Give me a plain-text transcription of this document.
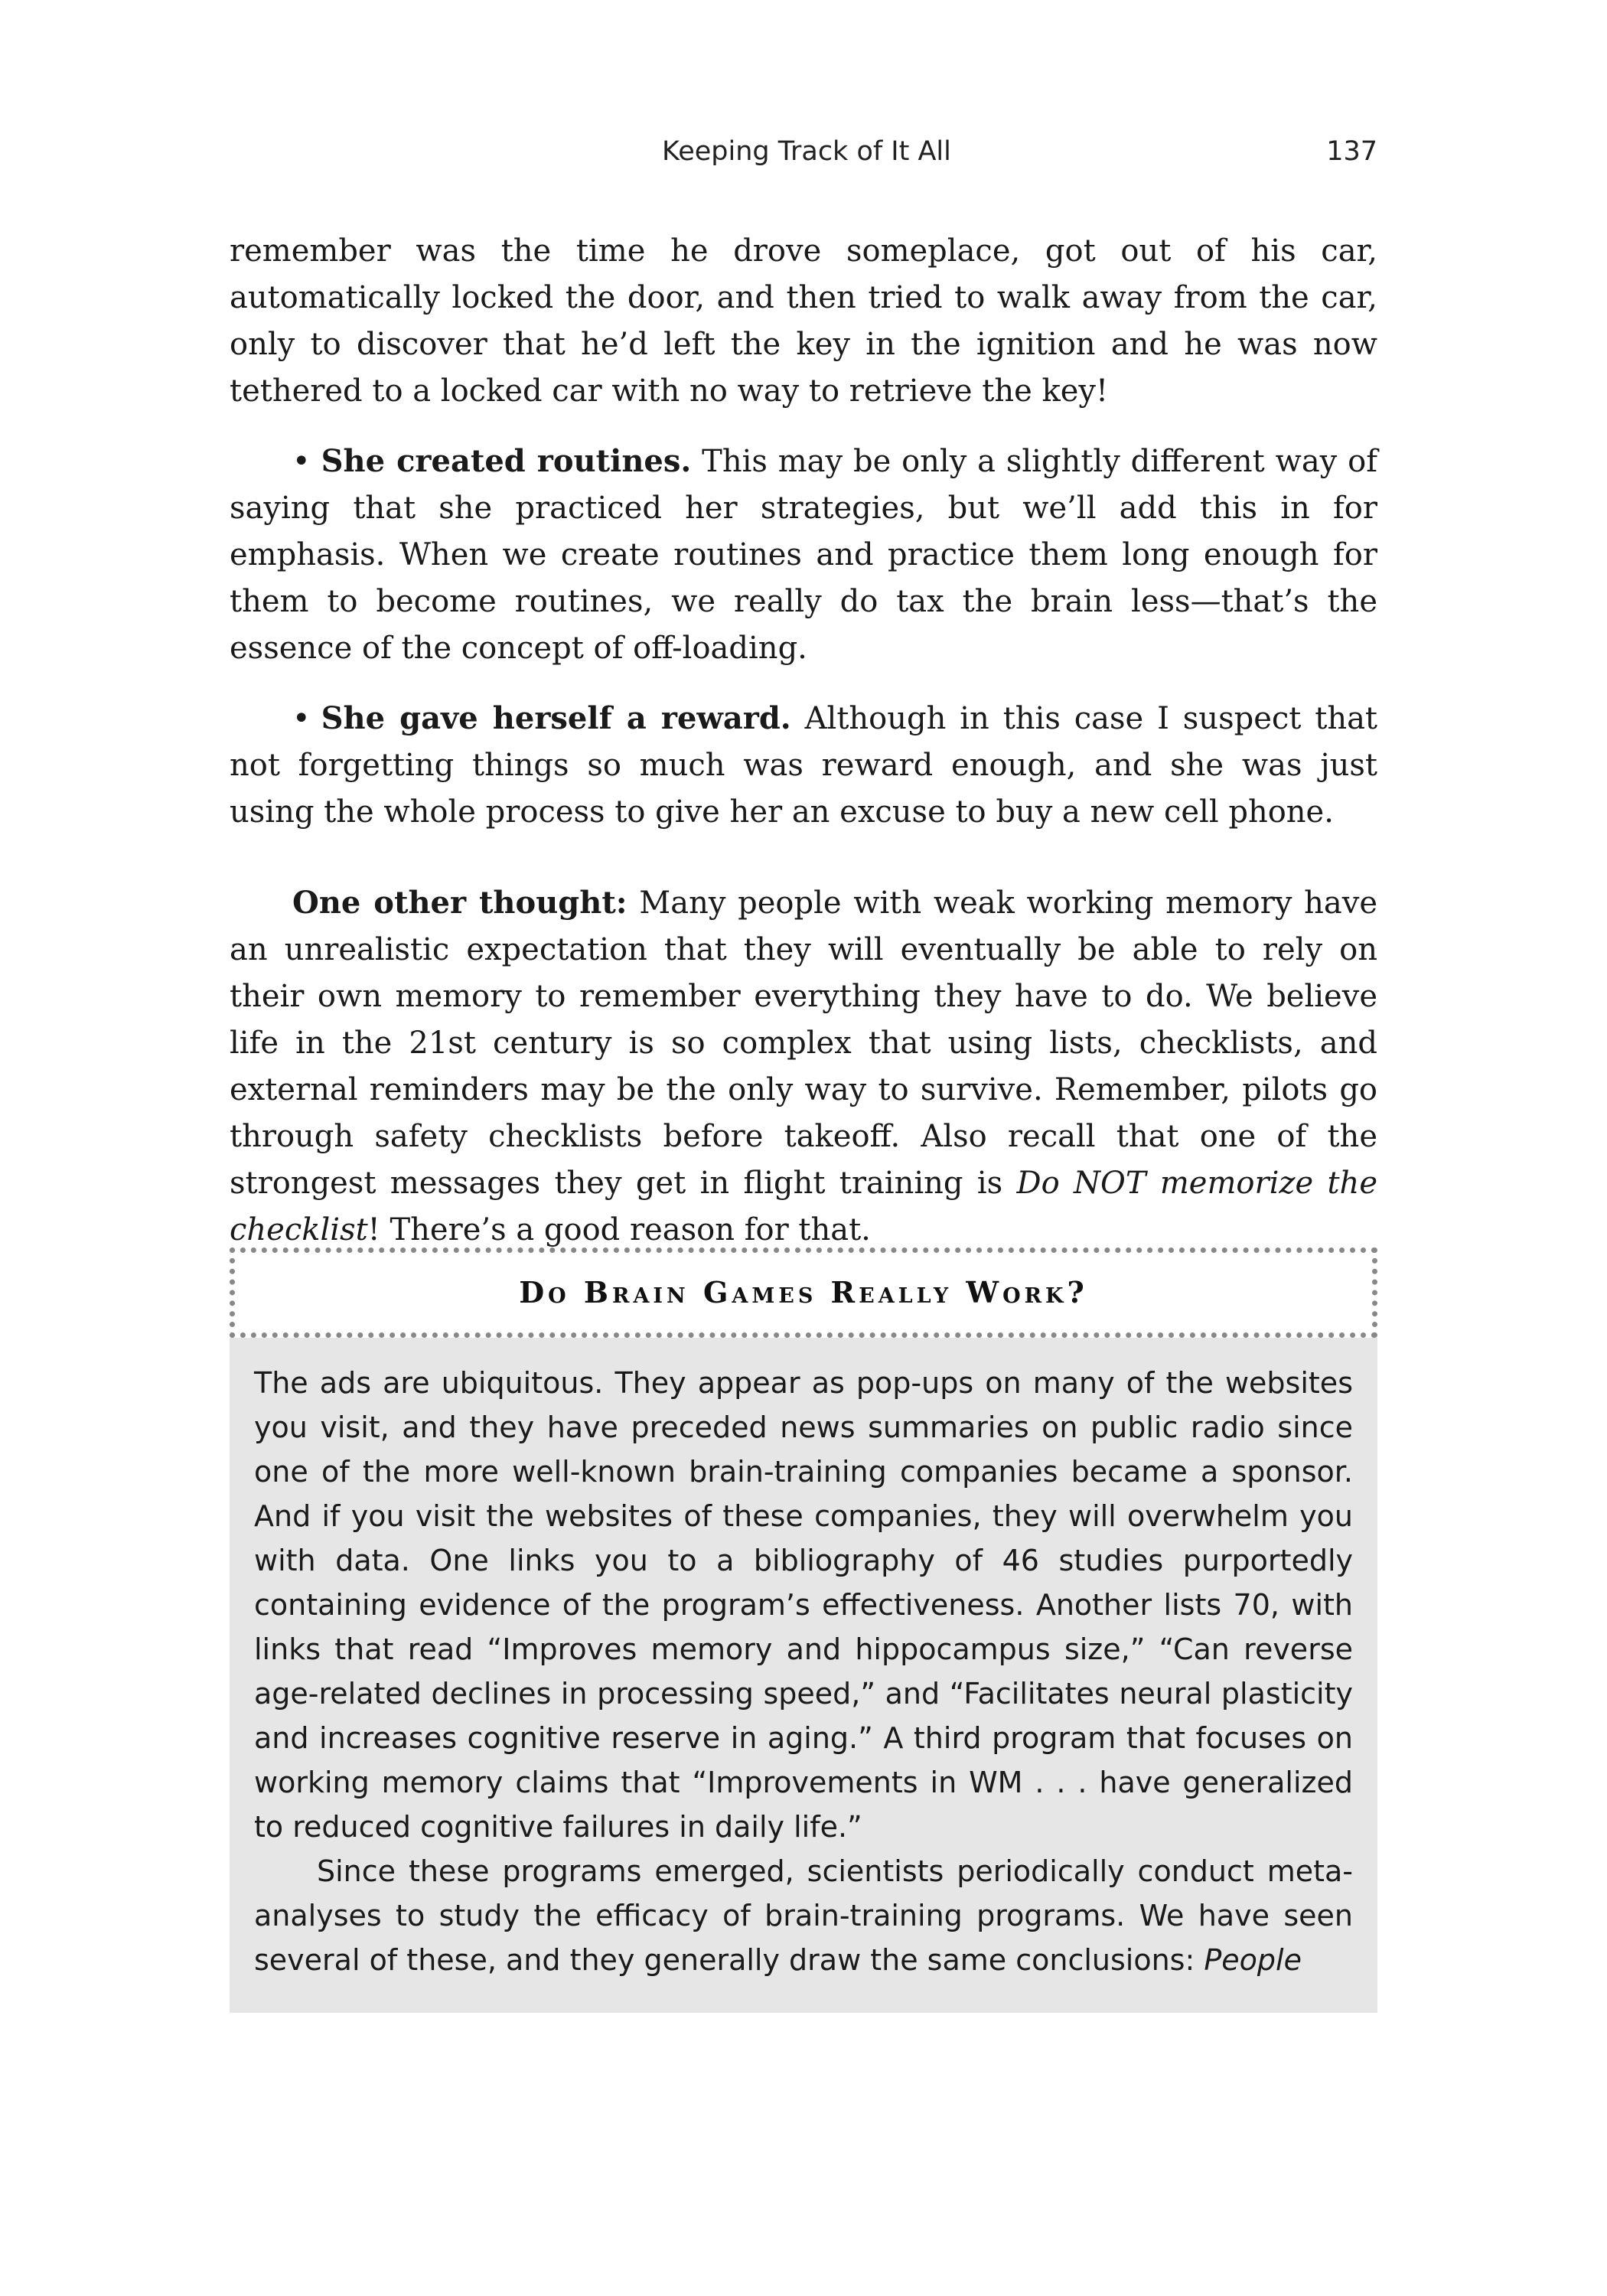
Keeping Track of It All	137

remember was the time he drove someplace, got out of his car, automatically locked the door, and then tried to walk away from the car, only to discover that he’d left the key in the ignition and he was now tethered to a locked car with no way to retrieve the key!

• She created routines. This may be only a slightly different way of saying that she practiced her strategies, but we’ll add this in for emphasis. When we create routines and practice them long enough for them to become routines, we really do tax the brain less—that’s the essence of the concept of off-loading.

• She gave herself a reward. Although in this case I suspect that not forgetting things so much was reward enough, and she was just using the whole process to give her an excuse to buy a new cell phone.

One other thought: Many people with weak working memory have an unrealistic expectation that they will eventually be able to rely on their own memory to remember everything they have to do. We believe life in the 21st century is so complex that using lists, checklists, and external reminders may be the only way to survive. Remember, pilots go through safety checklists before takeoff. Also recall that one of the strongest messages they get in flight training is Do NOT memorize the checklist! There’s a good reason for that.

Do Brain Games Really Work?

The ads are ubiquitous. They appear as pop-ups on many of the websites you visit, and they have preceded news summaries on public radio since one of the more well-known brain-training companies became a sponsor. And if you visit the websites of these companies, they will overwhelm you with data. One links you to a bibliography of 46 studies purportedly containing evidence of the program’s effectiveness. Another lists 70, with links that read “Improves memory and hippocampus size,” “Can reverse age-related declines in processing speed,” and “Facilitates neural plasticity and increases cognitive reserve in aging.” A third program that focuses on working memory claims that “Improvements in WM . . . have generalized to reduced cognitive failures in daily life.”

Since these programs emerged, scientists periodically conduct meta-analyses to study the efficacy of brain-training programs. We have seen several of these, and they generally draw the same conclusions: People
